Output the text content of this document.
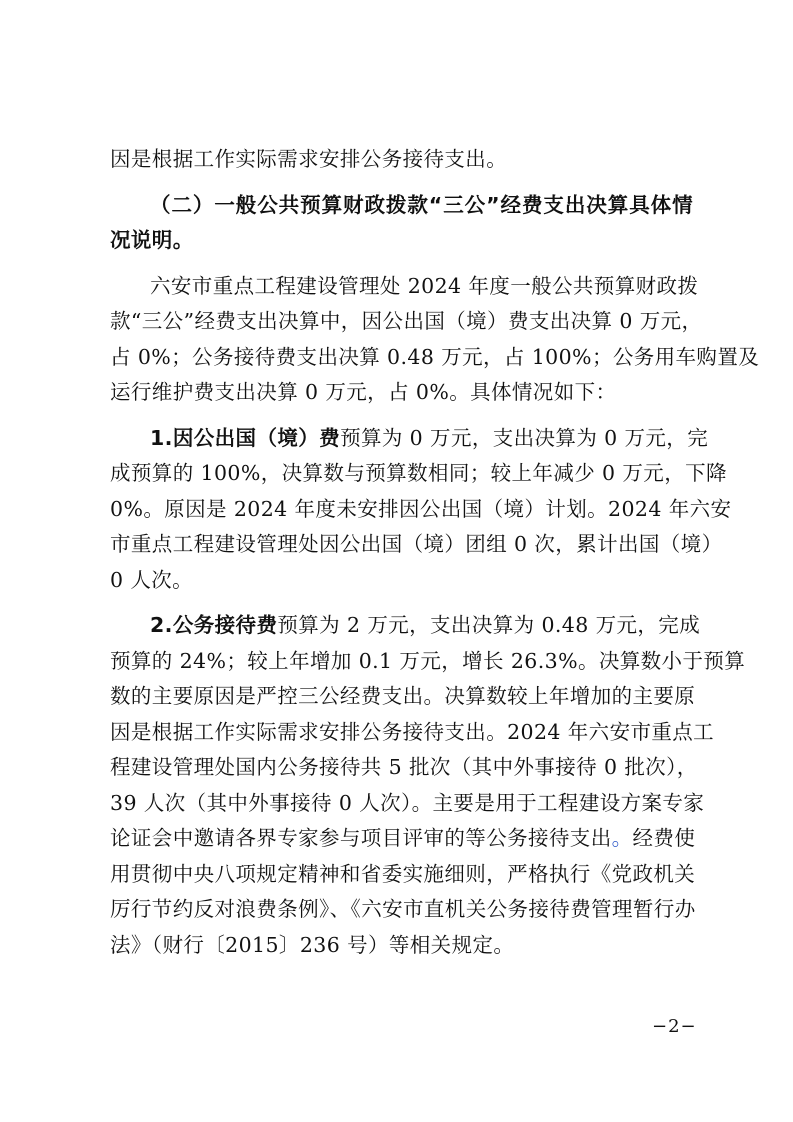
因是根据工作实际需求安排公务接待支出。
（二）一般公共预算财政拨款“三公”经费支出决算具体情
况说明。
六安市重点工程建设管理处 2024 年度一般公共预算财政拨
款“三公”经费支出决算中，因公出国（境）费支出决算 0 万元，
占 0%；公务接待费支出决算 0.48 万元，占 100%；公务用车购置及
运行维护费支出决算 0 万元，占 0%。具体情况如下：
1.因公出国（境）费预算为 0 万元，支出决算为 0 万元，完
成预算的 100%，决算数与预算数相同；较上年减少 0 万元，下降
0%。原因是 2024 年度未安排因公出国（境）计划。2024 年六安
市重点工程建设管理处因公出国（境）团组 0 次，累计出国（境）
0 人次。
2.公务接待费预算为 2 万元，支出决算为 0.48 万元，完成
预算的 24%；较上年增加 0.1 万元，增长 26.3%。决算数小于预算
数的主要原因是严控三公经费支出。决算数较上年增加的主要原
因是根据工作实际需求安排公务接待支出。2024 年六安市重点工
程建设管理处国内公务接待共 5 批次（其中外事接待 0 批次），
39 人次（其中外事接待 0 人次）。主要是用于工程建设方案专家
论证会中邀请各界专家参与项目评审的等公务接待支出。经费使
用贯彻中央八项规定精神和省委实施细则，严格执行《党政机关
厉行节约反对浪费条例》、《六安市直机关公务接待费管理暂行办
法》（财行〔2015〕236 号）等相关规定。
−2−
